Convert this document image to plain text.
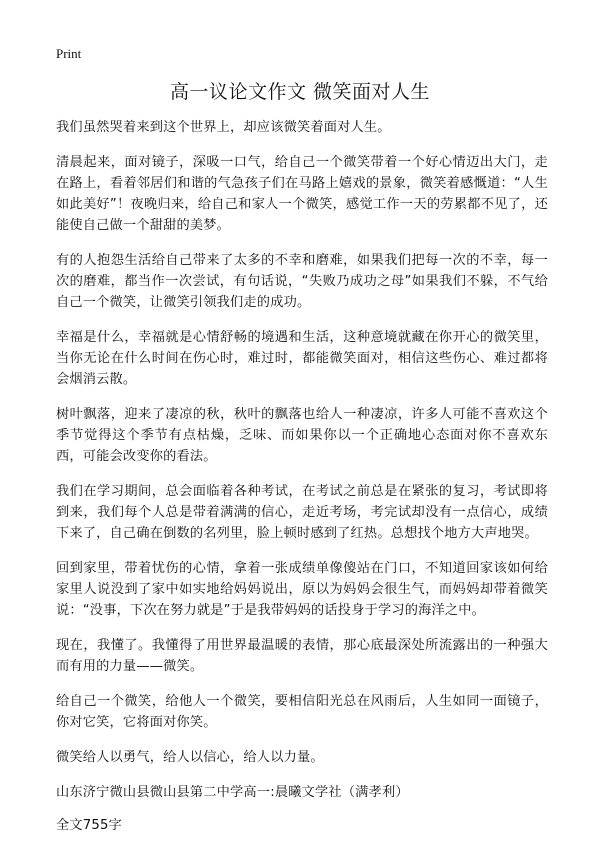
Print
高一议论文作文 微笑面对人生

我们虽然哭着来到这个世界上，却应该微笑着面对人生。

清晨起来，面对镜子，深吸一口气，给自己一个微笑带着一个好心情迈出大门，走在路上，看着邻居们和谐的气急孩子们在马路上嬉戏的景象，微笑着感慨道：“人生如此美好”！夜晚归来，给自己和家人一个微笑，感觉工作一天的劳累都不见了，还能使自己做一个甜甜的美梦。

有的人抱怨生活给自己带来了太多的不幸和磨难，如果我们把每一次的不幸，每一次的磨难，都当作一次尝试，有句话说，“失败乃成功之母”如果我们不躲，不气给自己一个微笑，让微笑引领我们走的成功。

幸福是什么，幸福就是心情舒畅的境遇和生活，这种意境就藏在你开心的微笑里，当你无论在什么时间在伤心时，难过时，都能微笑面对，相信这些伤心、难过都将会烟消云散。

树叶飘落，迎来了凄凉的秋，秋叶的飘落也给人一种凄凉，许多人可能不喜欢这个季节觉得这个季节有点枯燥，乏味、而如果你以一个正确地心态面对你不喜欢东西，可能会改变你的看法。

我们在学习期间，总会面临着各种考试，在考试之前总是在紧张的复习，考试即将到来，我们每个人总是带着满满的信心，走近考场，考完试却没有一点信心，成绩下来了，自己确在倒数的名列里，脸上顿时感到了红热。总想找个地方大声地哭。

回到家里，带着忧伤的心情，拿着一张成绩单像傻站在门口，不知道回家该如何给家里人说没到了家中如实地给妈妈说出，原以为妈妈会很生气，而妈妈却带着微笑说：“没事，下次在努力就是”于是我带妈妈的话投身于学习的海洋之中。

现在，我懂了。我懂得了用世界最温暖的表情，那心底最深处所流露出的一种强大而有用的力量——微笑。

给自己一个微笑，给他人一个微笑，要相信阳光总在风雨后，人生如同一面镜子，你对它笑，它将面对你笑。

微笑给人以勇气，给人以信心，给人以力量。

山东济宁微山县微山县第二中学高一:晨曦文学社（满孝利）

全文755字
